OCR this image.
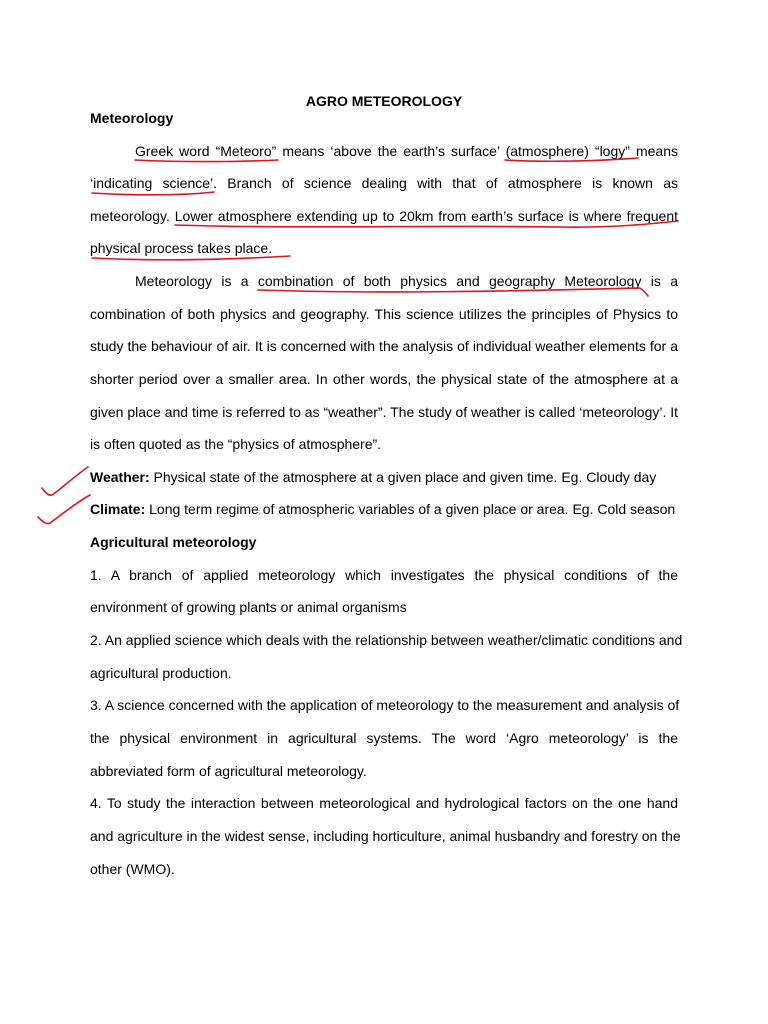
AGRO METEOROLOGY
Meteorology
Greek word “Meteoro” means ‘above the earth’s surface’ (atmosphere) “logy” means
‘indicating science’. Branch of science dealing with that of atmosphere is known as
meteorology. Lower atmosphere extending up to 20km from earth’s surface is where frequent
physical process takes place.
Meteorology is a combination of both physics and geography Meteorology is a
combination of both physics and geography. This science utilizes the principles of Physics to
study the behaviour of air. It is concerned with the analysis of individual weather elements for a
shorter period over a smaller area. In other words, the physical state of the atmosphere at a
given place and time is referred to as “weather”. The study of weather is called ‘meteorology’. It
is often quoted as the “physics of atmosphere”.
Weather: Physical state of the atmosphere at a given place and given time. Eg. Cloudy day
Climate: Long term regime of atmospheric variables of a given place or area. Eg. Cold season
Agricultural meteorology
1. A branch of applied meteorology which investigates the physical conditions of the
environment of growing plants or animal organisms
2. An applied science which deals with the relationship between weather/climatic conditions and
agricultural production.
3. A science concerned with the application of meteorology to the measurement and analysis of
the physical environment in agricultural systems. The word ‘Agro meteorology’ is the
abbreviated form of agricultural meteorology.
4. To study the interaction between meteorological and hydrological factors on the one hand
and agriculture in the widest sense, including horticulture, animal husbandry and forestry on the
other (WMO).
